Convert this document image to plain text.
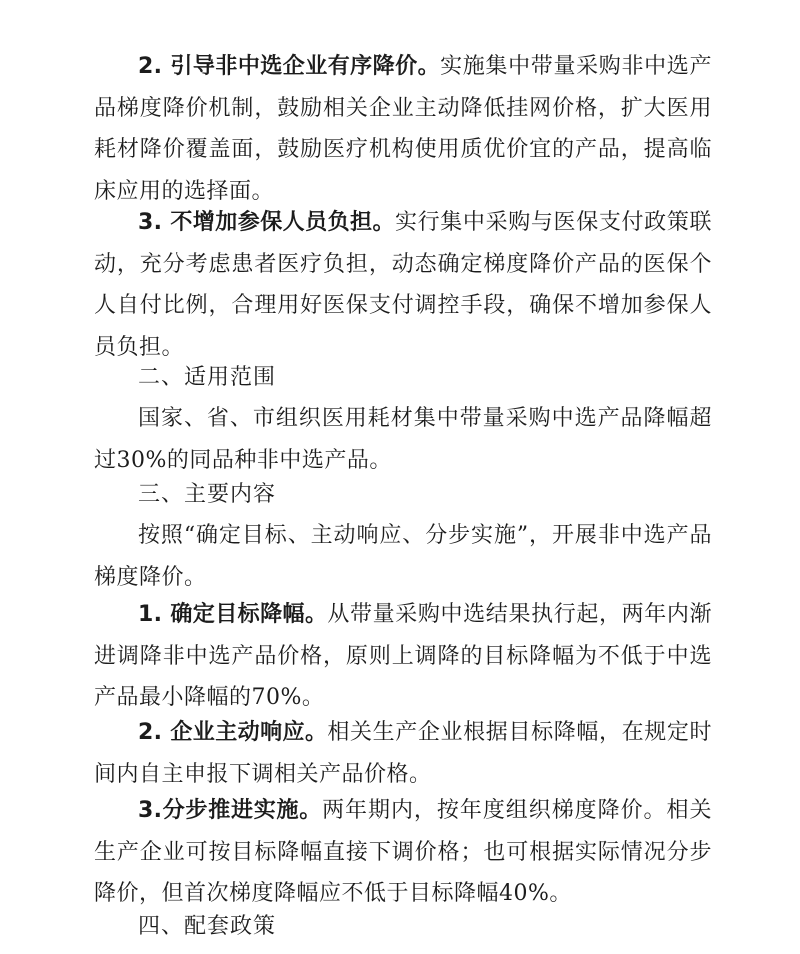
2. 引导非中选企业有序降价。实施集中带量采购非中选产品梯度降价机制，鼓励相关企业主动降低挂网价格，扩大医用耗材降价覆盖面，鼓励医疗机构使用质优价宜的产品，提高临床应用的选择面。

3. 不增加参保人员负担。实行集中采购与医保支付政策联动，充分考虑患者医疗负担，动态确定梯度降价产品的医保个人自付比例，合理用好医保支付调控手段，确保不增加参保人员负担。

二、适用范围

国家、省、市组织医用耗材集中带量采购中选产品降幅超过30%的同品种非中选产品。

三、主要内容

按照“确定目标、主动响应、分步实施”，开展非中选产品梯度降价。

1. 确定目标降幅。从带量采购中选结果执行起，两年内渐进调降非中选产品价格，原则上调降的目标降幅为不低于中选产品最小降幅的70%。

2. 企业主动响应。相关生产企业根据目标降幅，在规定时间内自主申报下调相关产品价格。

3.分步推进实施。两年期内，按年度组织梯度降价。相关生产企业可按目标降幅直接下调价格；也可根据实际情况分步降价，但首次梯度降幅应不低于目标降幅40%。

四、配套政策
